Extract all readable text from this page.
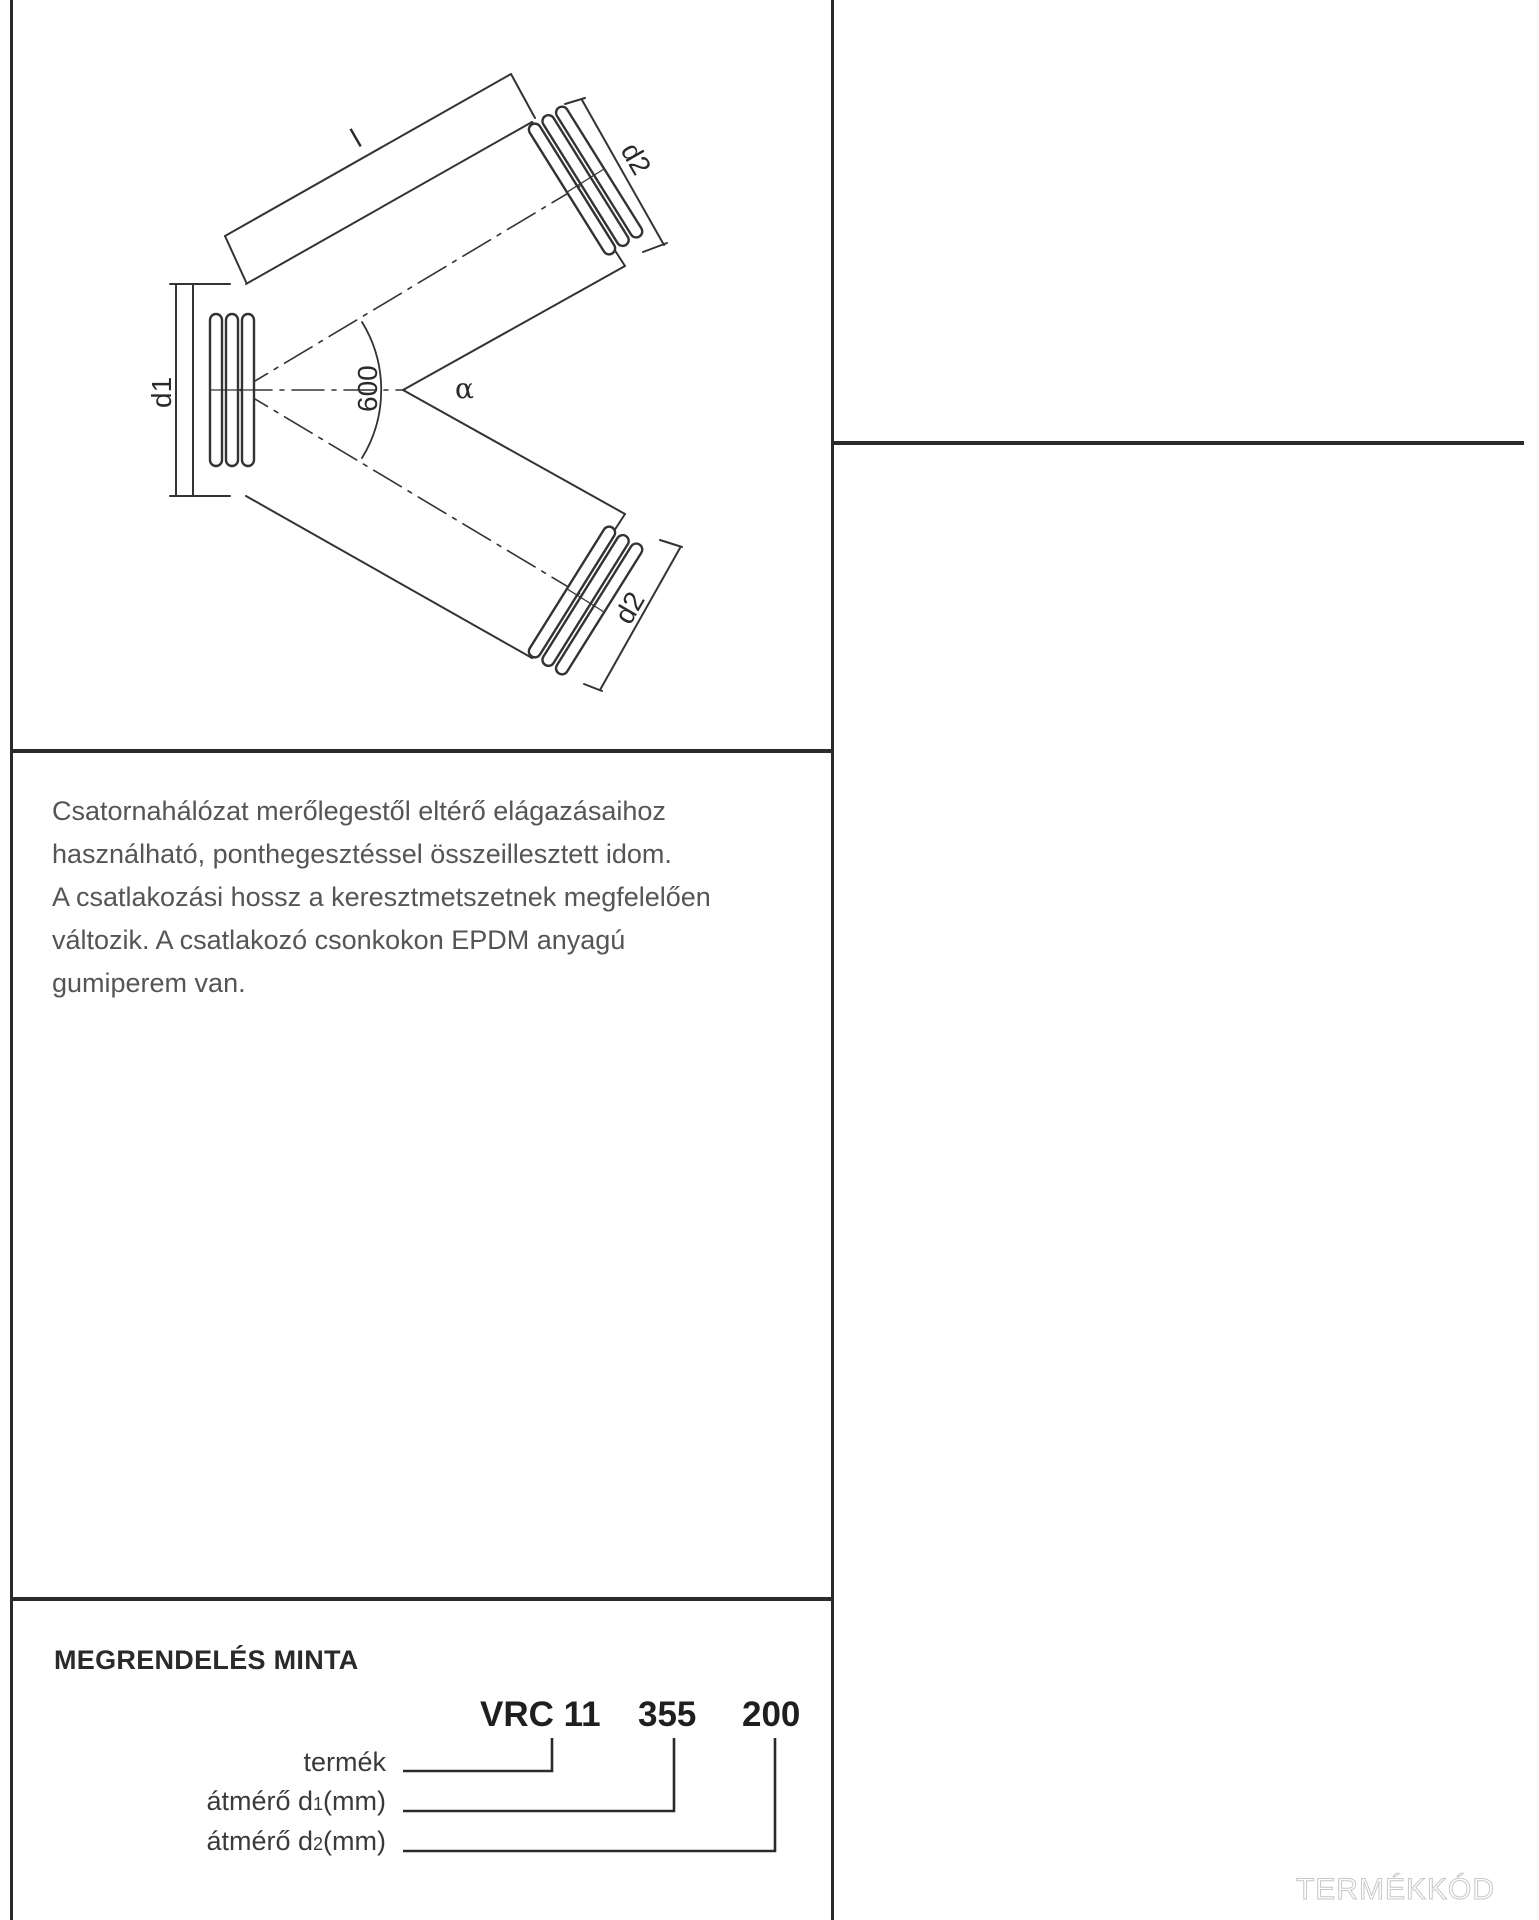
l
d1
d2
d2
600	α

Csatornahálózat merőlegestől eltérő elágazásaihoz
használható, ponthegesztéssel összeillesztett idom.
A csatlakozási hossz a keresztmetszetnek megfelelően
változik. A csatlakozó csonkokon EPDM anyagú
gumiperem van.

MEGRENDELÉS MINTA
VRC 11 355 200
termék
átmérő d1(mm)
átmérő d2(mm)
TERMÉKKÓD
